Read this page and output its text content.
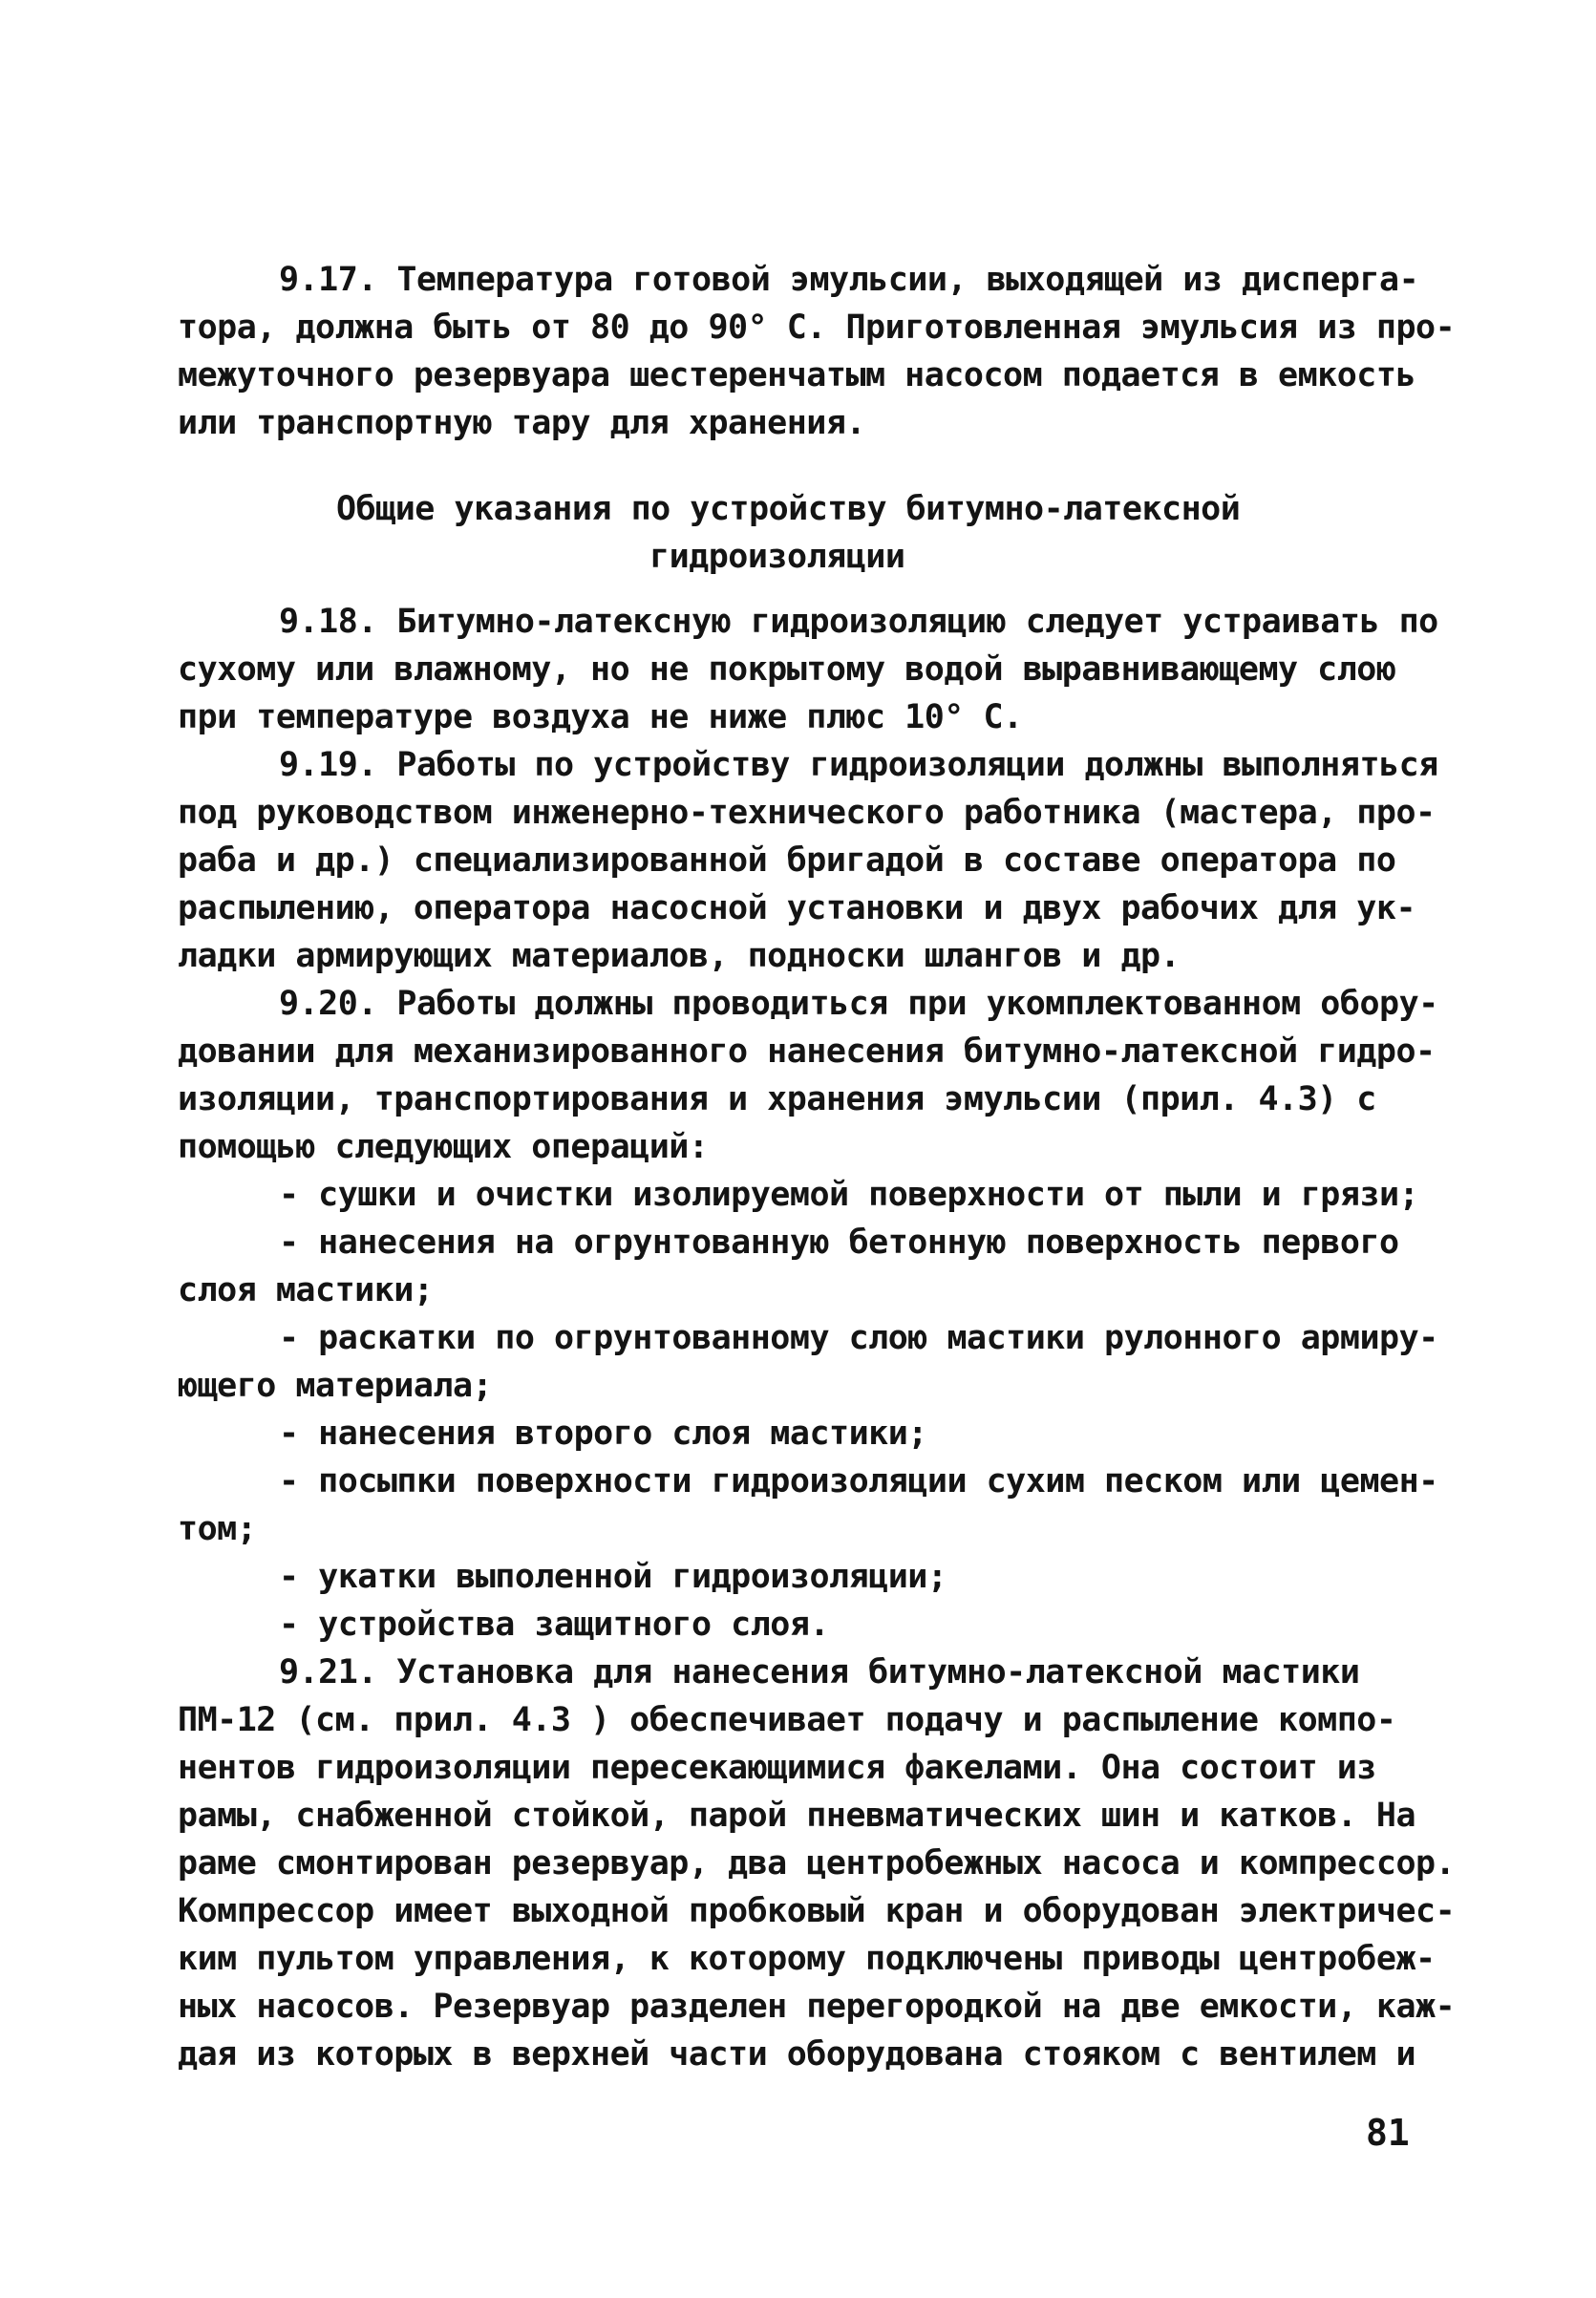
9.17. Температура готовой эмульсии, выходящей из дисперга-
тора, должна быть от 80 до 90° С. Приготовленная эмульсия из про-
межуточного резервуара шестеренчатым насосом подается в емкость
или транспортную тару для хранения.
Общие указания по устройству битумно-латексной
гидроизоляции
9.18. Битумно-латексную гидроизоляцию следует устраивать по
сухому или влажному, но не покрытому водой выравнивающему слою
при температуре воздуха не ниже плюс 10° С.
9.19. Работы по устройству гидроизоляции должны выполняться
под руководством инженерно-технического работника (мастера, про-
раба и др.) специализированной бригадой в составе оператора по
распылению, оператора насосной установки и двух рабочих для ук-
ладки армирующих материалов, подноски шлангов и др.
9.20. Работы должны проводиться при укомплектованном обору-
довании для механизированного нанесения битумно-латексной гидро-
изоляции, транспортирования и хранения эмульсии (прил. 4.3) с
помощью следующих операций:
- сушки и очистки изолируемой поверхности от пыли и грязи;
- нанесения на огрунтованную бетонную поверхность первого
слоя мастики;
- раскатки по огрунтованному слою мастики рулонного армиру-
ющего материала;
- нанесения второго слоя мастики;
- посыпки поверхности гидроизоляции сухим песком или цемен-
том;
- укатки выполенной гидроизоляции;
- устройства защитного слоя.
9.21. Установка для нанесения битумно-латексной мастики
ПМ-12 (см. прил. 4.3 ) обеспечивает подачу и распыление компо-
нентов гидроизоляции пересекающимися факелами. Она состоит из
рамы, снабженной стойкой, парой пневматических шин и катков. На
раме смонтирован резервуар, два центробежных насоса и компрессор.
Компрессор имеет выходной пробковый кран и оборудован электричес-
ким пультом управления, к которому подключены приводы центробеж-
ных насосов. Резервуар разделен перегородкой на две емкости, каж-
дая из которых в верхней части оборудована стояком с вентилем и
81
